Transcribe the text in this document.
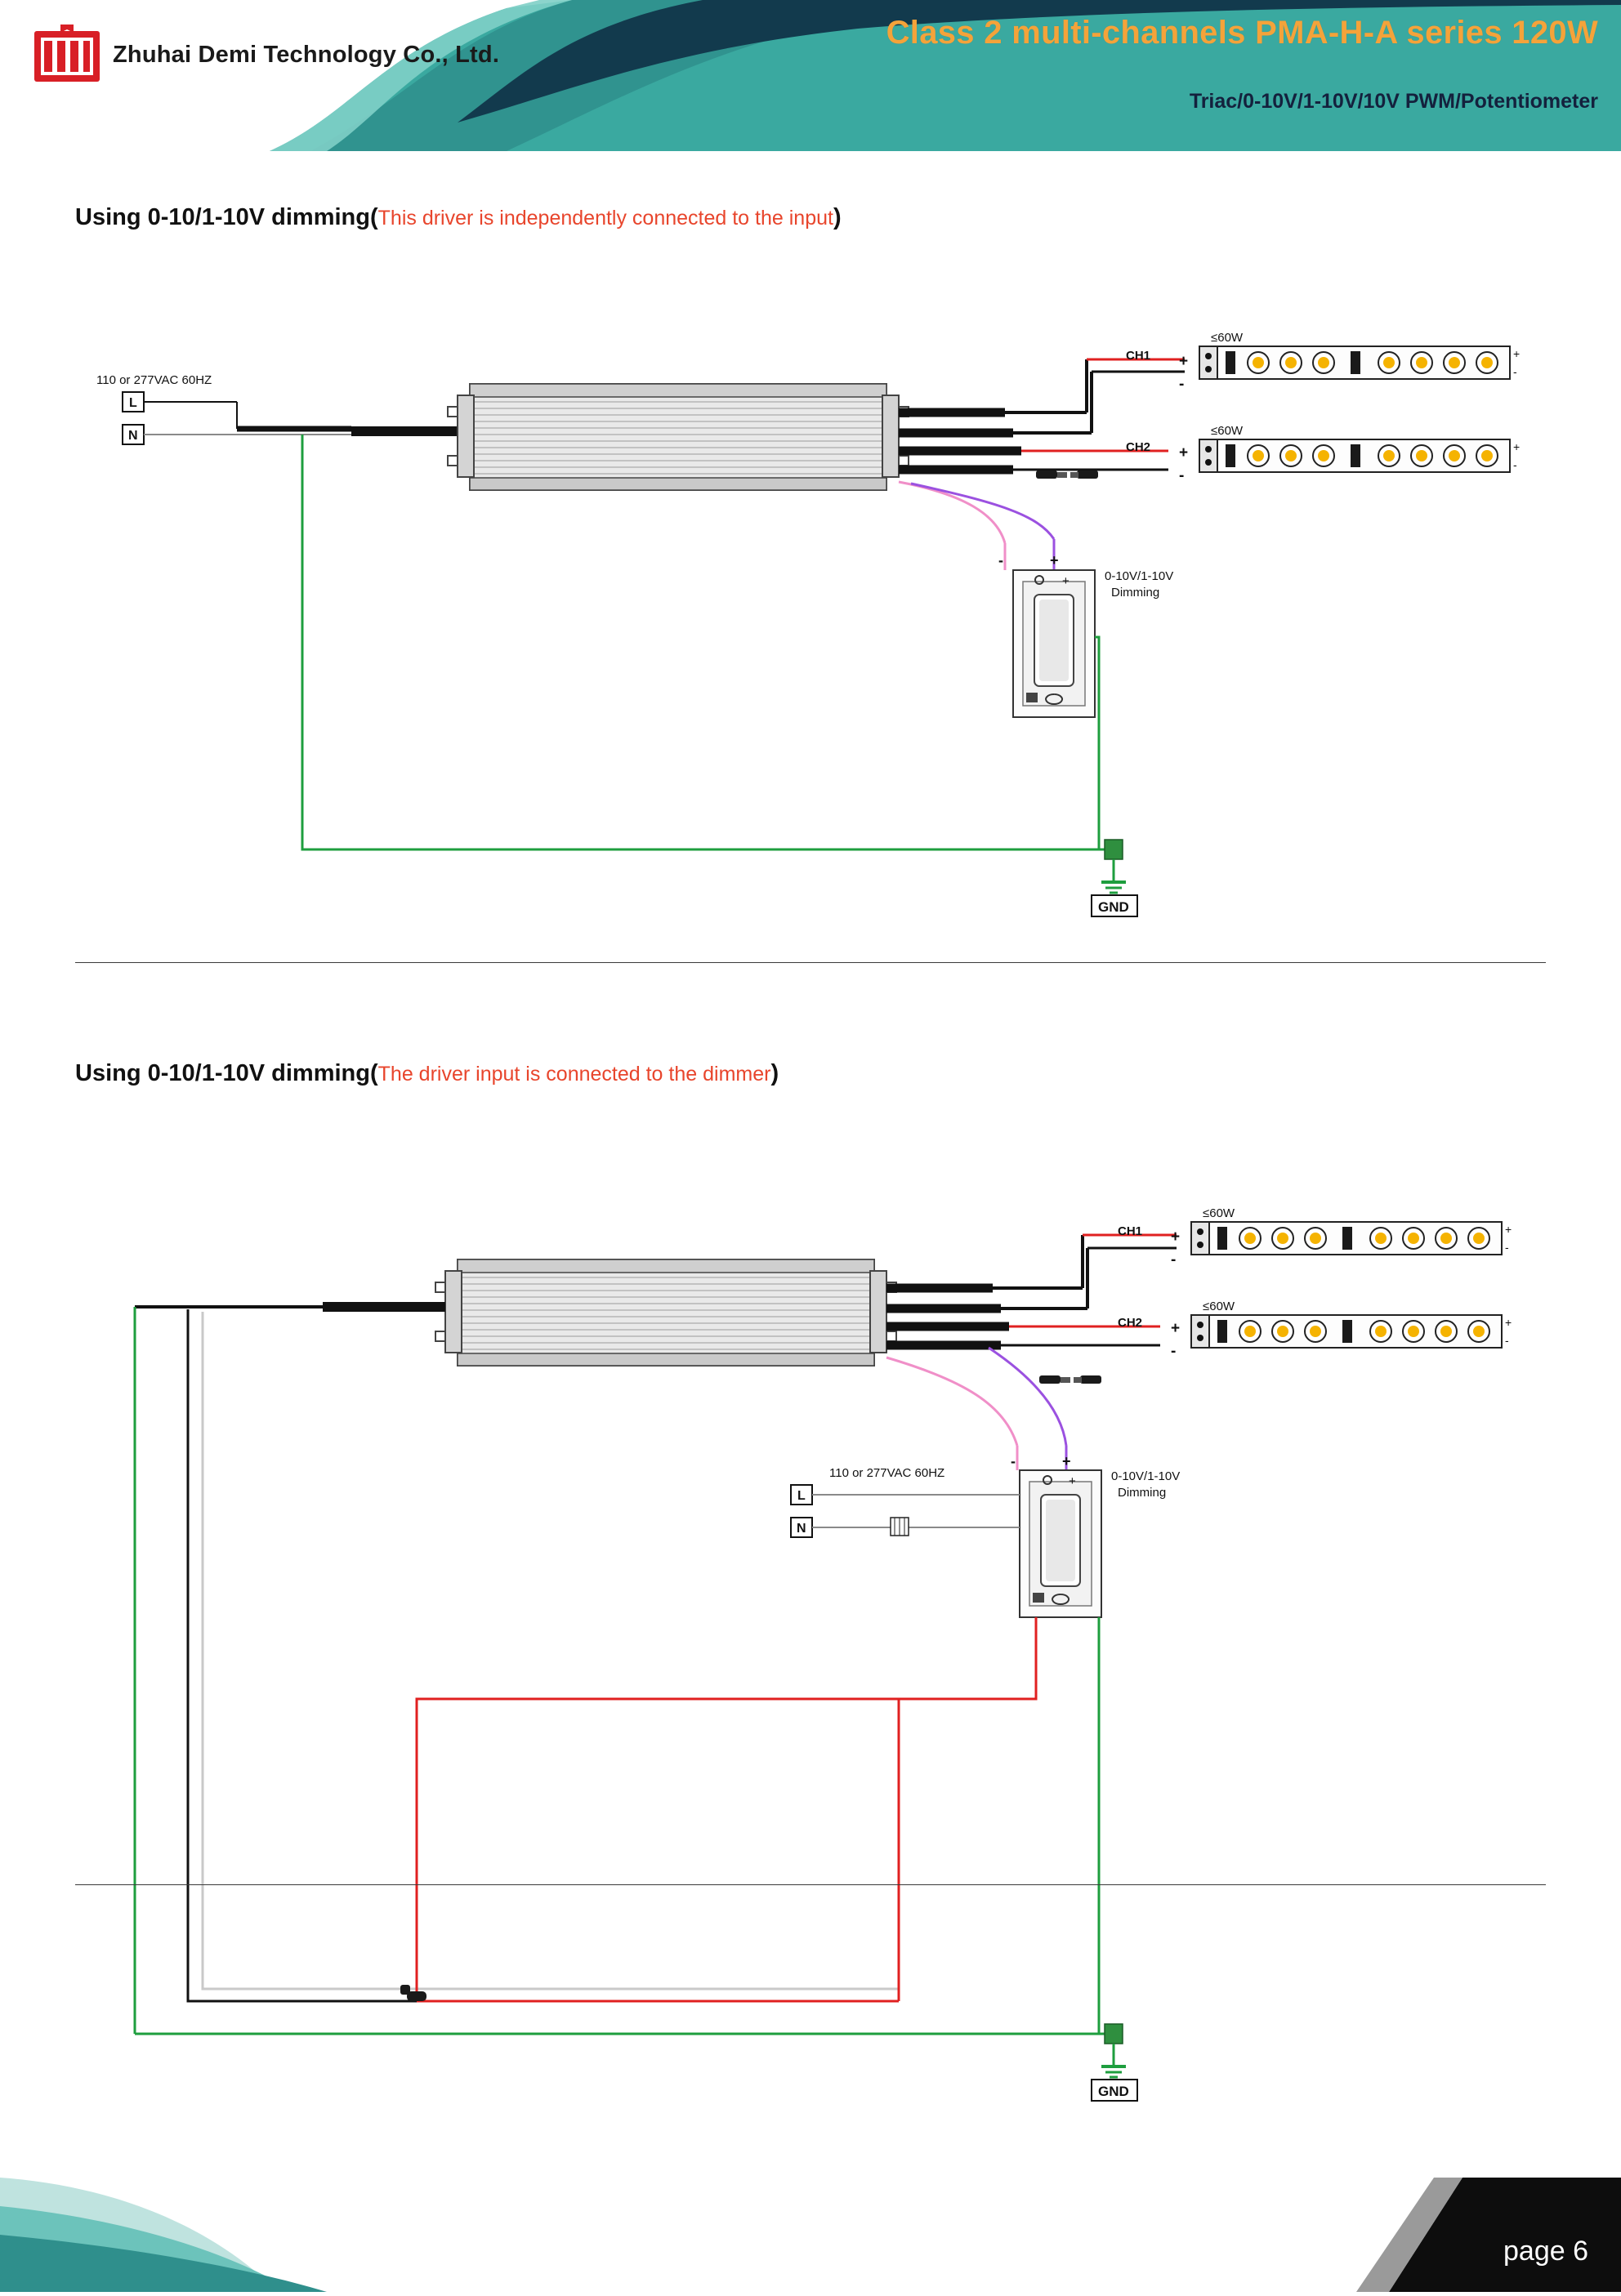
Zhuhai Demi Technology Co., Ltd.
Class 2 multi-channels PMA-H-A series 120W
Triac/0-10V/1-10V/10V PWM/Potentiometer
Using 0-10/1-10V dimming(This driver is independently connected to the input)
110 or 277VAC 60HZ
L
N
CH1
CH2
+
-
+
-
≤60W
+
-
≤60W
+
-
-	+
+	0-10V/1-10V
Dimming
GND
Using 0-10/1-10V dimming(The driver input is connected to the dimmer)
CH1
CH2
+
-
+
-
≤60W
+
-
≤60W
+
-
-	+
+	0-10V/1-10V
Dimming
110 or 277VAC 60HZ
L
N
GND
page 6
